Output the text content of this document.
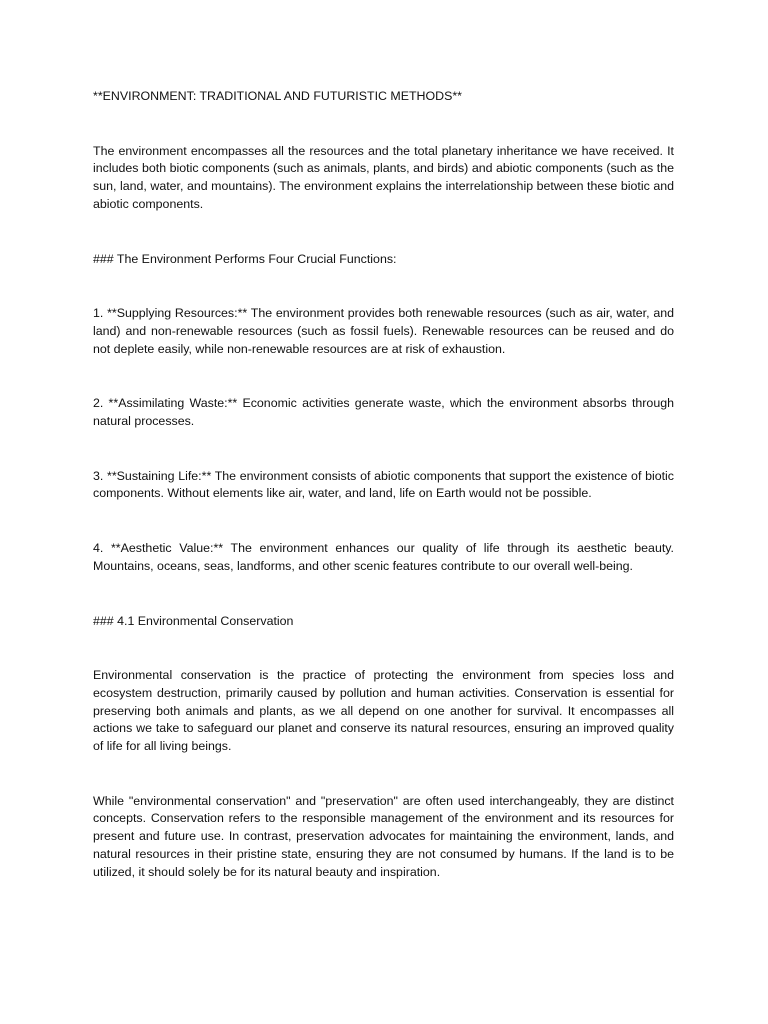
**ENVIRONMENT: TRADITIONAL AND FUTURISTIC METHODS**

The environment encompasses all the resources and the total planetary inheritance we have received. It includes both biotic components (such as animals, plants, and birds) and abiotic components (such as the sun, land, water, and mountains). The environment explains the interrelationship between these biotic and abiotic components.

### The Environment Performs Four Crucial Functions:

1. **Supplying Resources:** The environment provides both renewable resources (such as air, water, and land) and non-renewable resources (such as fossil fuels). Renewable resources can be reused and do not deplete easily, while non-renewable resources are at risk of exhaustion.

2. **Assimilating Waste:** Economic activities generate waste, which the environment absorbs through natural processes.

3. **Sustaining Life:** The environment consists of abiotic components that support the existence of biotic components. Without elements like air, water, and land, life on Earth would not be possible.

4. **Aesthetic Value:** The environment enhances our quality of life through its aesthetic beauty. Mountains, oceans, seas, landforms, and other scenic features contribute to our overall well-being.

### 4.1 Environmental Conservation

Environmental conservation is the practice of protecting the environment from species loss and ecosystem destruction, primarily caused by pollution and human activities. Conservation is essential for preserving both animals and plants, as we all depend on one another for survival. It encompasses all actions we take to safeguard our planet and conserve its natural resources, ensuring an improved quality of life for all living beings.

While "environmental conservation" and "preservation" are often used interchangeably, they are distinct concepts. Conservation refers to the responsible management of the environment and its resources for present and future use. In contrast, preservation advocates for maintaining the environment, lands, and natural resources in their pristine state, ensuring they are not consumed by humans. If the land is to be utilized, it should solely be for its natural beauty and inspiration.
